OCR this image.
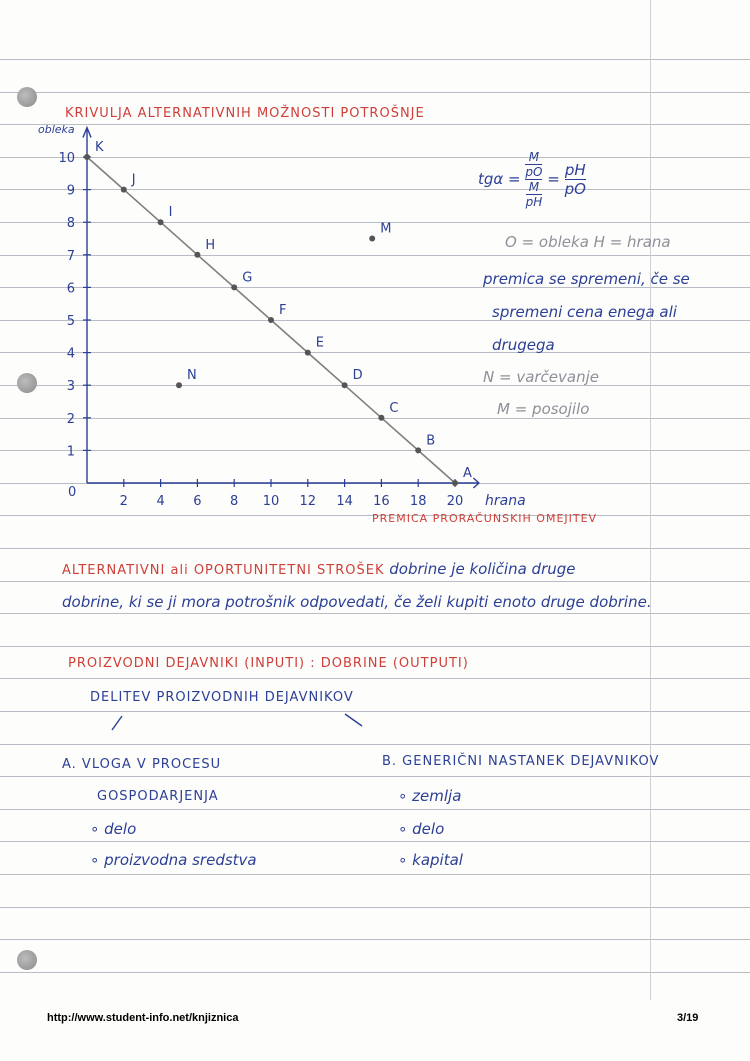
KRIVULJA ALTERNATIVNIH MOŽNOSTI POTROŠNJE
obleka
hrana
0
2 4 6 8 10 12 14 16 18 20
1
2
3
4
5
6
7
8
9
10
K
J
I
H
G
F
E
D
C
B
A
M
N
$tg\alpha = \frac{\frac{M}{pO}}{\frac{M}{pH}} = \frac{pH}{pO}$
O = obleka H = hrana
premica se spremeni, če se
spremeni cena enega ali
drugega
N = varčevanje
M = posojilo
PREMICA PRORAČUNSKIH OMEJITEV
ALTERNATIVNI ali OPORTUNITETNI STROŠEK dobrine je količina druge
dobrine, ki se ji mora potrošnik odpovedati, če želi kupiti enoto druge dobrine.
PROIZVODNI DEJAVNIKI (INPUTI) : DOBRINE (OUTPUTI)
DELITEV PROIZVODNIH DEJAVNIKOV
A. VLOGA V PROCESU
GOSPODARJENJA
∘ delo
∘ proizvodna sredstva
B. GENERIČNI NASTANEK DEJAVNIKOV
∘ zemlja
∘ delo
∘ kapital
http://www.student-info.net/knjiznica	3/19
